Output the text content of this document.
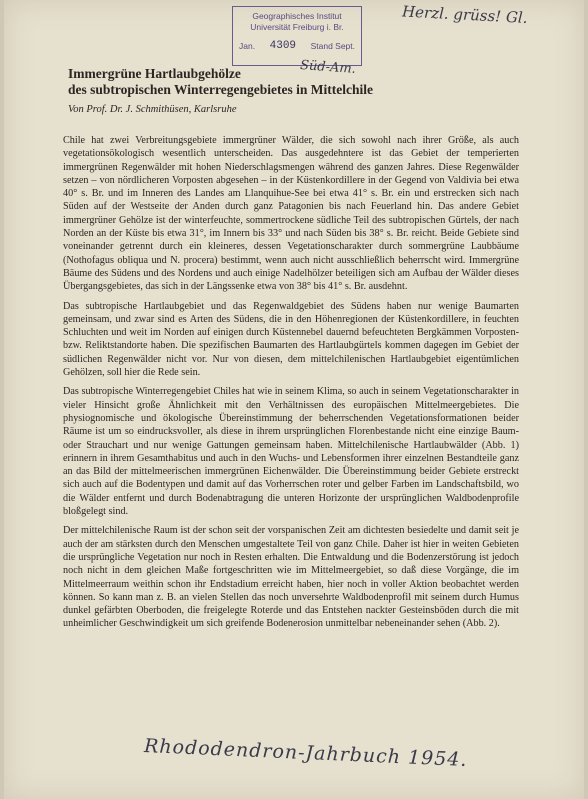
Geographisches Institut
Universität Freiburg i. Br.
Jan. 4309 Stand Sept.
Herzl. grüss! Gl.
Süd-Am.
Immergrüne Hartlaubgehölze
des subtropischen Winterregengebietes in Mittelchile
Von Prof. Dr. J. Schmithüsen, Karlsruhe

Chile hat zwei Verbreitungsgebiete immergrüner Wälder, die sich sowohl nach ihrer Größe, als auch vegetationsökologisch wesentlich unterscheiden. Das ausgedehntere ist das Gebiet der temperierten immergrünen Regenwälder mit hohen Niederschlagsmengen während des ganzen Jahres. Diese Regenwälder setzen – von nördlicheren Vorposten abgesehen – in der Küstenkordillere in der Gegend von Valdivia bei etwa 40° s. Br. und im Inneren des Landes am Llanquihue-See bei etwa 41° s. Br. ein und erstrecken sich nach Süden auf der Westseite der Anden durch ganz Patagonien bis nach Feuerland hin. Das andere Gebiet immergrüner Gehölze ist der winterfeuchte, sommertrockene südliche Teil des subtropischen Gürtels, der nach Norden an der Küste bis etwa 31°, im Innern bis 33° und nach Süden bis 38° s. Br. reicht. Beide Gebiete sind voneinander getrennt durch ein kleineres, dessen Vegetationscharakter durch sommergrüne Laubbäume (Nothofagus obliqua und N. procera) bestimmt, wenn auch nicht ausschließlich beherrscht wird. Immergrüne Bäume des Südens und des Nordens und auch einige Nadelhölzer beteiligen sich am Aufbau der Wälder dieses Übergangsgebietes, das sich in der Längssenke etwa von 38° bis 41° s. Br. ausdehnt.

Das subtropische Hartlaubgebiet und das Regenwaldgebiet des Südens haben nur wenige Baumarten gemeinsam, und zwar sind es Arten des Südens, die in den Höhenregionen der Küstenkordillere, in feuchten Schluchten und weit im Norden auf einigen durch Küstennebel dauernd befeuchteten Bergkämmen Vorposten- bzw. Reliktstandorte haben. Die spezifischen Baumarten des Hartlaubgürtels kommen dagegen im Gebiet der südlichen Regenwälder nicht vor. Nur von diesen, dem mittelchilenischen Hartlaubgebiet eigentümlichen Gehölzen, soll hier die Rede sein.

Das subtropische Winterregengebiet Chiles hat wie in seinem Klima, so auch in seinem Vegetationscharakter in vieler Hinsicht große Ähnlichkeit mit den Verhältnissen des europäischen Mittelmeergebietes. Die physiognomische und ökologische Übereinstimmung der beherrschenden Vegetationsformationen beider Räume ist um so eindrucksvoller, als diese in ihrem ursprünglichen Florenbestande nicht eine einzige Baum- oder Strauchart und nur wenige Gattungen gemeinsam haben. Mittelchilenische Hartlaubwälder (Abb. 1) erinnern in ihrem Gesamthabitus und auch in den Wuchs- und Lebensformen ihrer einzelnen Bestandteile ganz an das Bild der mittelmeerischen immergrünen Eichenwälder. Die Übereinstimmung beider Gebiete erstreckt sich auch auf die Bodentypen und damit auf das Vorherrschen roter und gelber Farben im Landschaftsbild, wo die Wälder entfernt und durch Bodenabtragung die unteren Horizonte der ursprünglichen Waldbodenprofile bloßgelegt sind.

Der mittelchilenische Raum ist der schon seit der vorspanischen Zeit am dichtesten besiedelte und damit seit je auch der am stärksten durch den Menschen umgestaltete Teil von ganz Chile. Daher ist hier in weiten Gebieten die ursprüngliche Vegetation nur noch in Resten erhalten. Die Entwaldung und die Bodenzerstörung ist jedoch noch nicht in dem gleichen Maße fortgeschritten wie im Mittelmeergebiet, so daß diese Vorgänge, die im Mittelmeerraum weithin schon ihr Endstadium erreicht haben, hier noch in voller Aktion beobachtet werden können. So kann man z. B. an vielen Stellen das noch unversehrte Waldbodenprofil mit seinem durch Humus dunkel gefärbten Oberboden, die freigelegte Roterde und das Entstehen nackter Gesteinsböden durch die mit unheimlicher Geschwindigkeit um sich greifende Bodenerosion unmittelbar nebeneinander sehen (Abb. 2).

Rhododendron-Jahrbuch 1954.
